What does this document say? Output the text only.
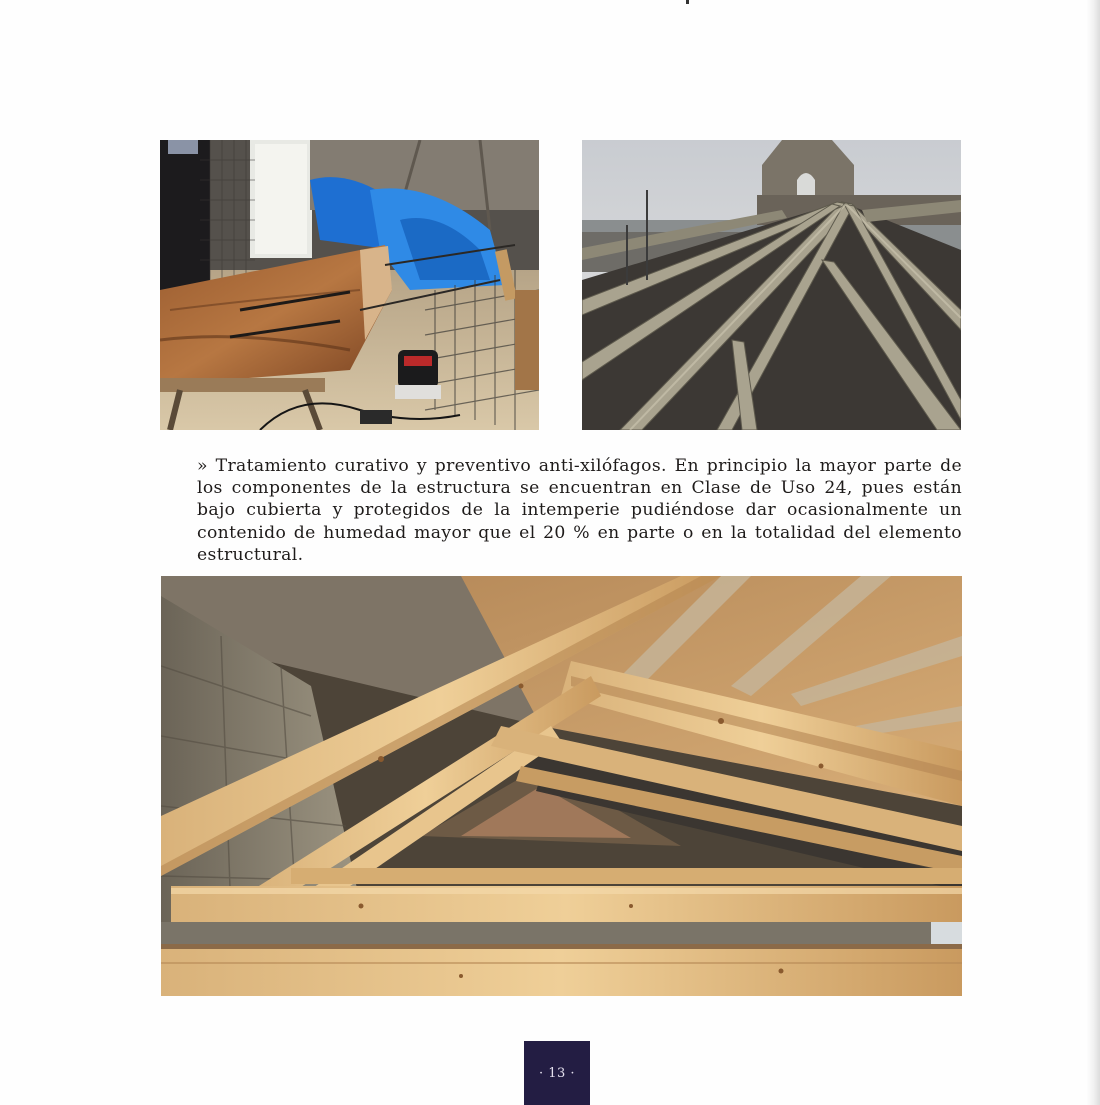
» Tratamiento curativo y preventivo anti-xilófagos. En principio la mayor parte de los componentes de la estructura se encuentran en Clase de Uso 24, pues están bajo cubierta y protegidos de la intemperie pudiéndose dar ocasionalmente un contenido de humedad mayor que el 20 % en parte o en la totalidad del elemento estructural.

· 13 ·
